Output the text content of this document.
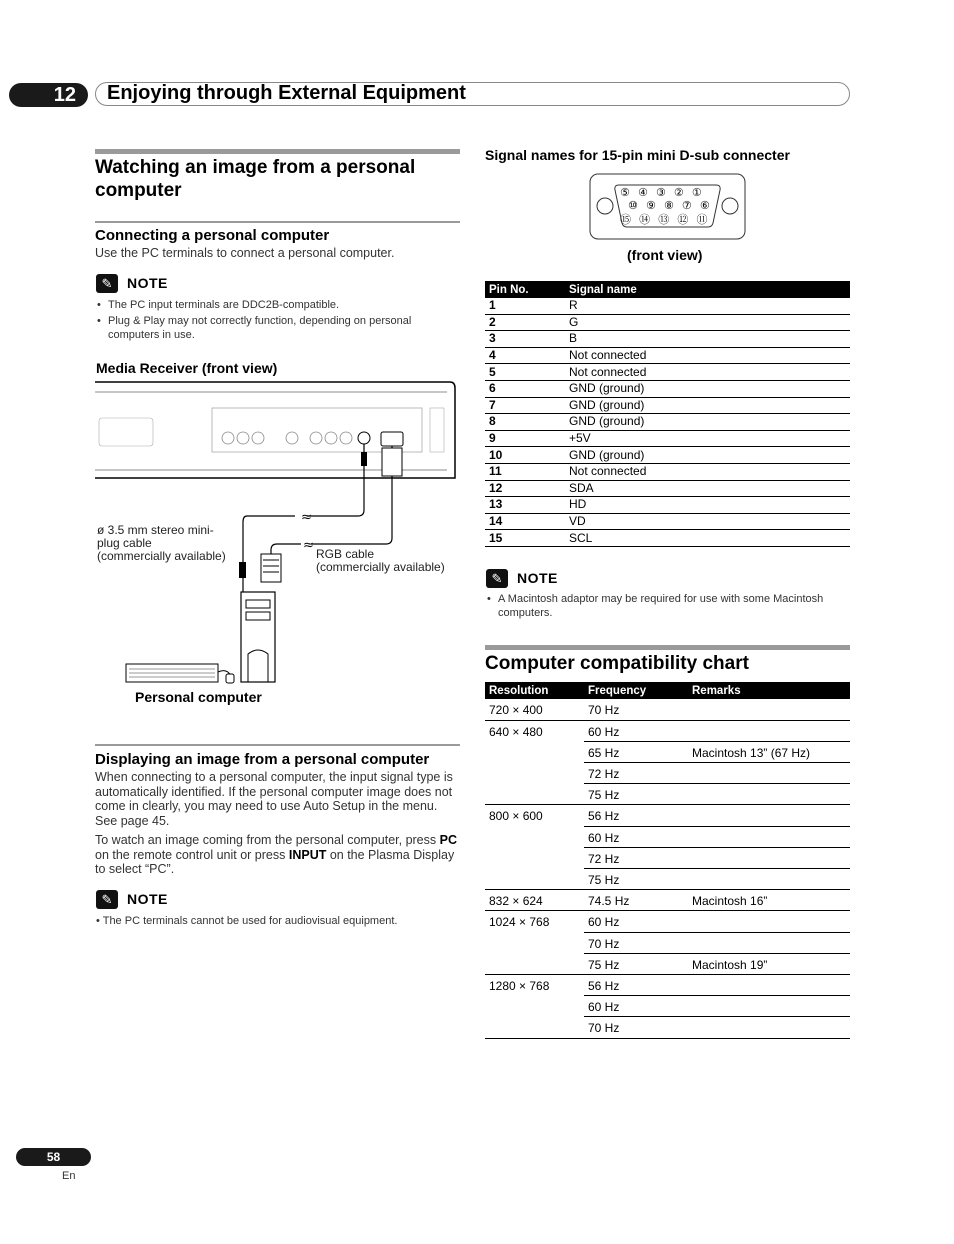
12	Enjoying through External Equipment
Watching an image from a personal computer
Connecting a personal computer
Use the PC terminals to connect a personal computer.
✎	NOTE
• The PC input terminals are DDC2B-compatible.
• Plug & Play may not correctly function, depending on personal computers in use.
Media Receiver (front view)
≈
≈
ø 3.5 mm stereo mini-
plug cable
(commercially available)	RGB cable
(commercially available)
Personal computer
Displaying an image from a personal computer
When connecting to a personal computer, the input signal type is automatically identified. If the personal computer image does not come in clearly, you may need to use Auto Setup in the menu. See page 45.
To watch an image coming from the personal computer, press PC on the remote control unit or press INPUT on the Plasma Display to select “PC”.
✎	NOTE
• The PC terminals cannot be used for audiovisual equipment.
Signal names for 15-pin mini D-sub connecter
⑤ ④ ③ ② ①
⑩ ⑨ ⑧ ⑦ ⑥
⑮ ⑭ ⑬ ⑫ ⑪
(front view)
Pin No.	Signal name
1	R
2	G
3	B
4	Not connected
5	Not connected
6	GND (ground)
7	GND (ground)
8	GND (ground)
9	+5V
10	GND (ground)
11	Not connected
12	SDA
13	HD
14	VD
15	SCL
✎	NOTE
• A Macintosh adaptor may be required for use with some Macintosh computers.
Computer compatibility chart
Resolution	Frequency	Remarks
720 × 400	70 Hz	
640 × 480	60 Hz	
	65 Hz	Macintosh 13” (67 Hz)
	72 Hz	
	75 Hz	
800 × 600	56 Hz	
	60 Hz	
	72 Hz	
	75 Hz	
832 × 624	74.5 Hz	Macintosh 16”
1024 × 768	60 Hz	
	70 Hz	
	75 Hz	Macintosh 19”
1280 × 768	56 Hz	
	60 Hz	
	70 Hz	
58
En
